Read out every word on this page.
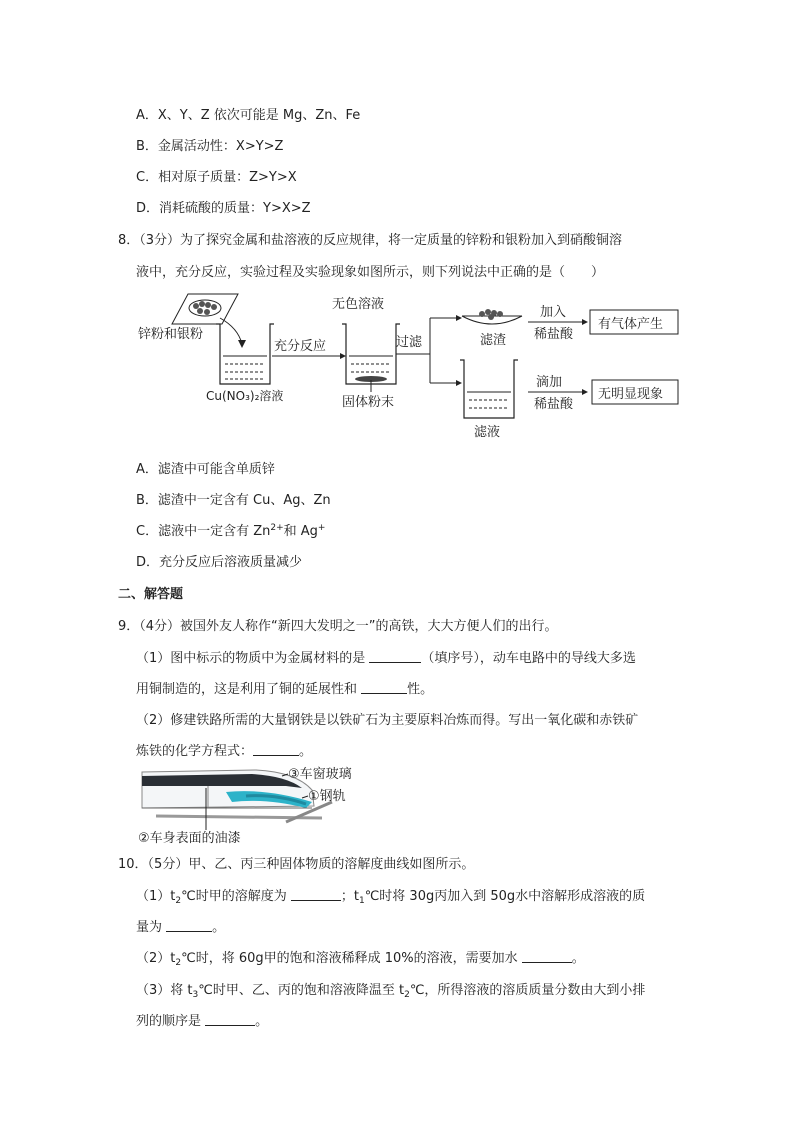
A．X、Y、Z 依次可能是 Mg、Zn、Fe
B．金属活动性：X>Y>Z
C．相对原子质量：Z>Y>X
D．消耗硫酸的质量：Y>X>Z
8．（3分）为了探究金属和盐溶液的反应规律，将一定质量的锌粉和银粉加入到硝酸铜溶
液中，充分反应，实验过程及实验现象如图所示，则下列说法中正确的是（　　）
锌粉和银粉
Cu(NO₃)₂溶液
充分反应
无色溶液
固体粉末
过滤	滤渣
加入
稀盐酸
有气体产生
滤液
滴加
稀盐酸
无明显现象
A．滤渣中可能含单质锌
B．滤渣中一定含有 Cu、Ag、Zn
C．滤液中一定含有 $Zn^{2+}$和 Ag+
D．充分反应后溶液质量减少
二、解答题
9．（4分）被国外友人称作“新四大发明之一”的高铁，大大方便人们的出行。
（1）图中标示的物质中为金属材料的是	（填序号），动车电路中的导线大多选
用铜制造的，这是利用了铜的延展性和	性。
（2）修建铁路所需的大量钢铁是以铁矿石为主要原料冶炼而得。写出一氧化碳和赤铁矿
炼铁的化学方程式：	。
③车窗玻璃
①钢轨
②车身表面的油漆
10．（5分）甲、乙、丙三种固体物质的溶解度曲线如图所示。
$(1)t_2℃$时甲的溶解度为	；$t_1℃$时将 30g丙加入到 50g水中溶解形成溶液的质
量为	。
$(2)t_2℃$时，将 60g甲的饱和溶液稀释成 10%的溶液，需要加水	。
（3）将 $t_3℃$时甲、乙、丙的饱和溶液降温至 $t_2℃$，所得溶液的溶质质量分数由大到小排
列的顺序是	。
